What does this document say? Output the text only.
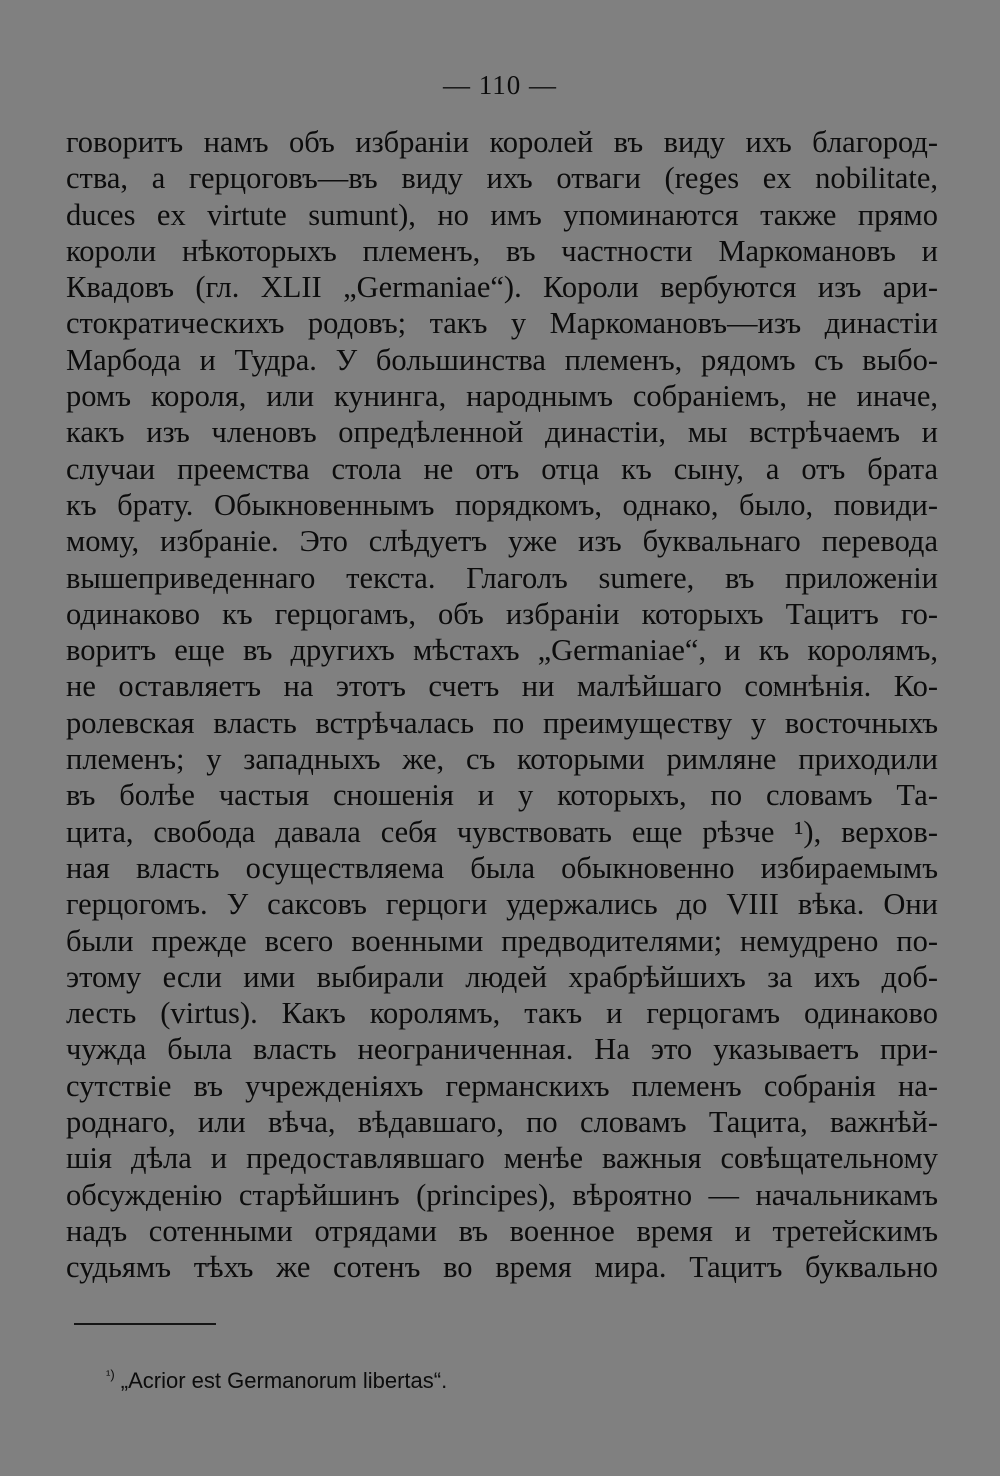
— 110 —
говоритъ намъ объ избраніи королей въ виду ихъ благород-
ства, а герцоговъ—въ виду ихъ отваги (reges ex nobilitate,
duces ex virtute sumunt), но имъ упоминаются также прямо
короли нѣкоторыхъ племенъ, въ частности Маркомановъ и
Квадовъ (гл. XLII „Germaniae“). Короли вербуются изъ ари-
стократическихъ родовъ; такъ у Маркомановъ—изъ династіи
Марбода и Тудра. У большинства племенъ, рядомъ съ выбо-
ромъ короля, или кунинга, народнымъ собраніемъ, не иначе,
какъ изъ членовъ опредѣленной династіи, мы встрѣчаемъ и
случаи преемства стола не отъ отца къ сыну, а отъ брата
къ брату. Обыкновеннымъ порядкомъ, однако, было, повиди-
мому, избраніе. Это слѣдуетъ уже изъ буквальнаго перевода
вышеприведеннаго текста. Глаголъ sumere, въ приложеніи
одинаково къ герцогамъ, объ избраніи которыхъ Тацитъ го-
воритъ еще въ другихъ мѣстахъ „Germaniae“, и къ королямъ,
не оставляетъ на этотъ счетъ ни малѣйшаго сомнѣнія. Ко-
ролевская власть встрѣчалась по преимуществу у восточныхъ
племенъ; у западныхъ же, съ которыми римляне приходили
въ болѣе частыя сношенія и у которыхъ, по словамъ Та-
цита, свобода давала себя чувствовать еще рѣзче ¹), верхов-
ная власть осуществляема была обыкновенно избираемымъ
герцогомъ. У саксовъ герцоги удержались до VIII вѣка. Они
были прежде всего военными предводителями; немудрено по-
этому если ими выбирали людей храбрѣйшихъ за ихъ доб-
лесть (virtus). Какъ королямъ, такъ и герцогамъ одинаково
чужда была власть неограниченная. На это указываетъ при-
сутствіе въ учрежденіяхъ германскихъ племенъ собранія на-
роднаго, или вѣча, вѣдавшаго, по словамъ Тацита, важнѣй-
шія дѣла и предоставлявшаго менѣе важныя совѣщательному
обсужденію старѣйшинъ (principes), вѣроятно — начальникамъ
надъ сотенными отрядами въ военное время и третейскимъ
судьямъ тѣхъ же сотенъ во время мира. Тацитъ буквально
$^{^1)}$ „Acrior est Germanorum libertas“.
